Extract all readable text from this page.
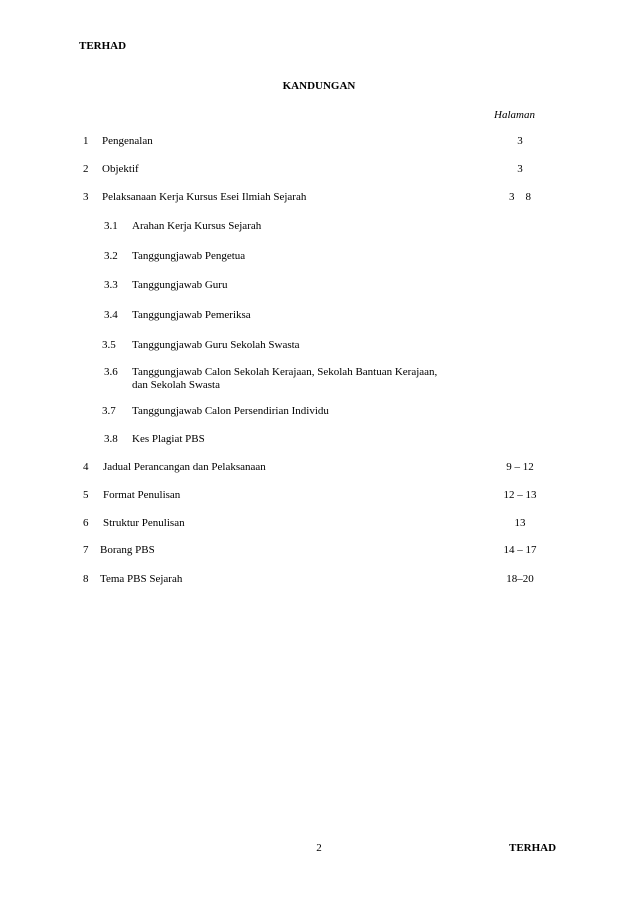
TERHAD
KANDUNGAN
Halaman
1 Pengenalan	3
2 Objektif	3
3 Pelaksanaan Kerja Kursus Esei Ilmiah Sejarah	3    8
3.1 Arahan Kerja Kursus Sejarah
3.2 Tanggungjawab Pengetua
3.3 Tanggungjawab Guru
3.4 Tanggungjawab Pemeriksa
3.5 Tanggungjawab Guru Sekolah Swasta
3.6 Tanggungjawab Calon Sekolah Kerajaan, Sekolah Bantuan Kerajaan,
dan Sekolah Swasta
3.7 Tanggungjawab Calon Persendirian Individu
3.8 Kes Plagiat PBS
4 Jadual Perancangan dan Pelaksanaan	9 – 12
5 Format Penulisan	12 – 13
6 Struktur Penulisan	13
7 Borang PBS	14 – 17
8 Tema PBS Sejarah	18–20
2	TERHAD
